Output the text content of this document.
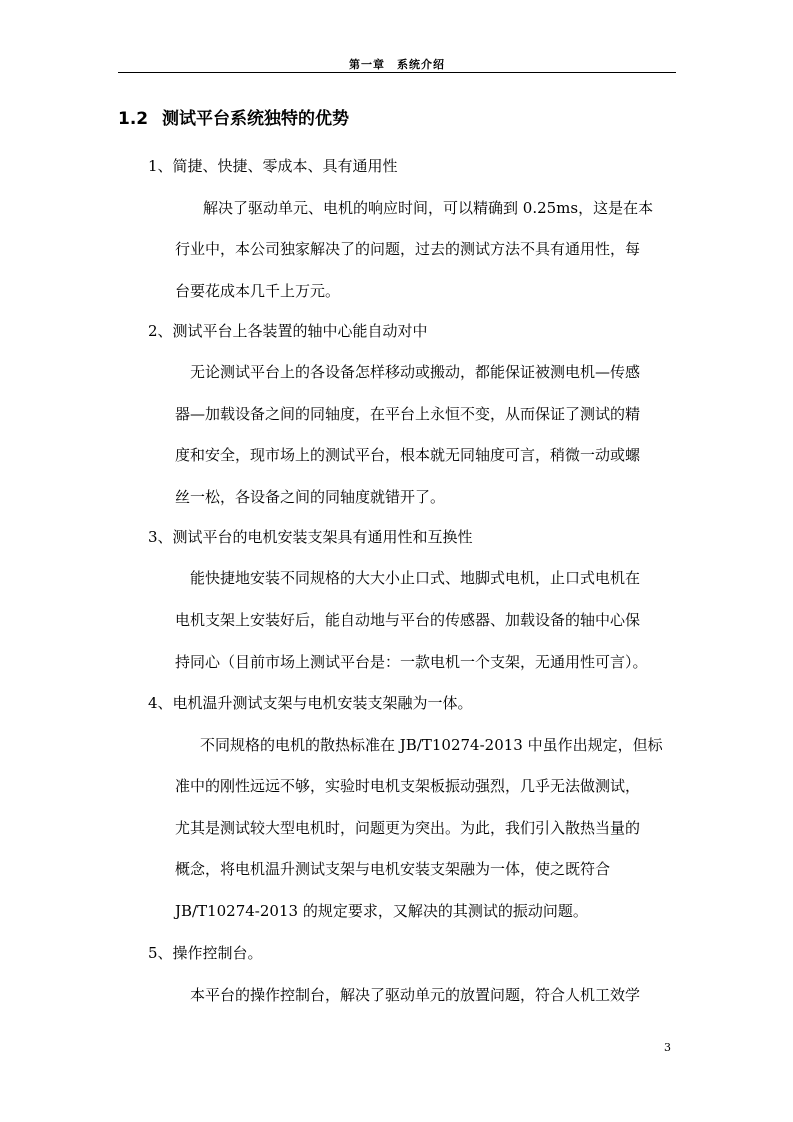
第一章　系统介绍
1.2 测试平台系统独特的优势
1、简捷、快捷、零成本、具有通用性
解决了驱动单元、电机的响应时间，可以精确到 0.25ms，这是在本
行业中，本公司独家解决了的问题，过去的测试方法不具有通用性，每
台要花成本几千上万元。
2、测试平台上各装置的轴中心能自动对中
无论测试平台上的各设备怎样移动或搬动，都能保证被测电机—传感
器—加载设备之间的同轴度，在平台上永恒不变，从而保证了测试的精
度和安全，现市场上的测试平台，根本就无同轴度可言，稍微一动或螺
丝一松，各设备之间的同轴度就错开了。
3、测试平台的电机安装支架具有通用性和互换性
能快捷地安装不同规格的大大小止口式、地脚式电机，止口式电机在
电机支架上安装好后，能自动地与平台的传感器、加载设备的轴中心保
持同心（目前市场上测试平台是：一款电机一个支架，无通用性可言）。
4、电机温升测试支架与电机安装支架融为一体。
不同规格的电机的散热标准在 JB/T10274-2013 中虽作出规定，但标
准中的刚性远远不够，实验时电机支架板振动强烈，几乎无法做测试，
尤其是测试较大型电机时，问题更为突出。为此，我们引入散热当量的
概念，将电机温升测试支架与电机安装支架融为一体，使之既符合
JB/T10274-2013 的规定要求，又解决的其测试的振动问题。
5、操作控制台。
本平台的操作控制台，解决了驱动单元的放置问题，符合人机工效学
3
